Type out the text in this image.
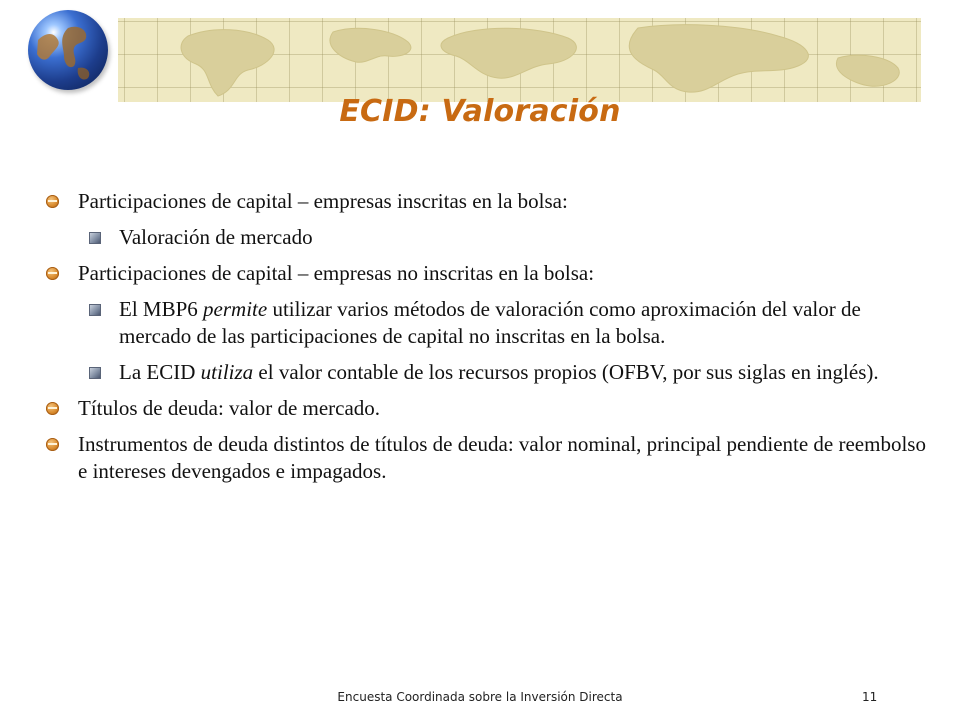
ECID: Valoración
Participaciones de capital – empresas inscritas en la bolsa:
Valoración de mercado
Participaciones de capital – empresas no inscritas en la bolsa:
El MBP6 permite utilizar varios métodos de valoración como aproximación del valor de mercado de las participaciones de capital no inscritas en la bolsa.
La ECID utiliza el valor contable de los recursos propios (OFBV, por sus siglas en inglés).
Títulos de deuda: valor de mercado.
Instrumentos de deuda distintos de títulos de deuda: valor nominal, principal pendiente de reembolso e intereses devengados e impagados.
Encuesta Coordinada sobre la Inversión Directa	11
